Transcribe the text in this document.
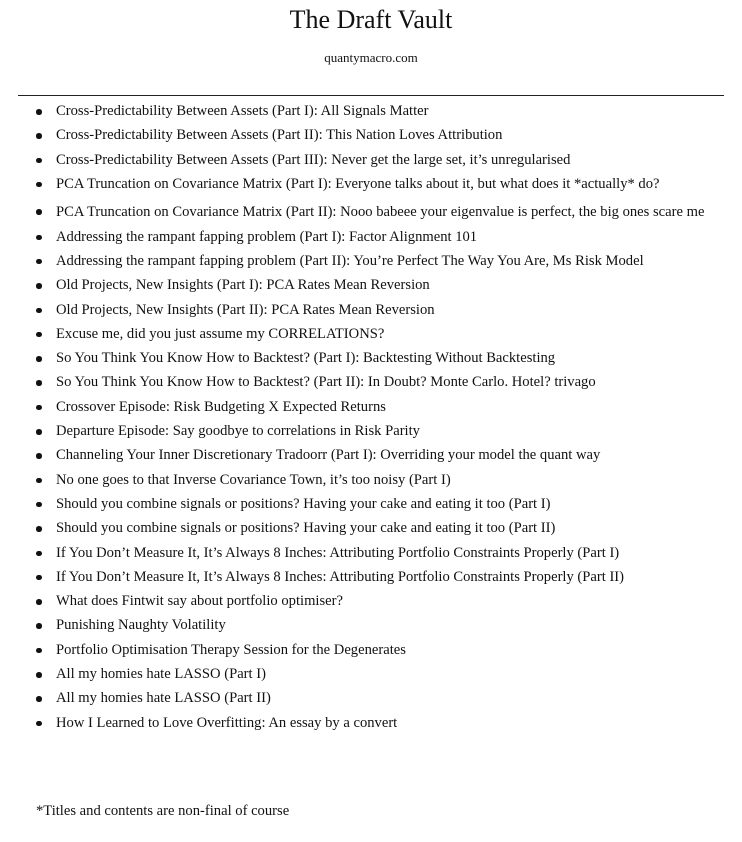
The Draft Vault
quantymacro.com
Cross-Predictability Between Assets (Part I): All Signals Matter
Cross-Predictability Between Assets (Part II): This Nation Loves Attribution
Cross-Predictability Between Assets (Part III): Never get the large set, it’s unregularised
PCA Truncation on Covariance Matrix (Part I): Everyone talks about it, but what does it *actually* do?
PCA Truncation on Covariance Matrix (Part II): Nooo babeee your eigenvalue is perfect, the big ones scare me
Addressing the rampant fapping problem (Part I): Factor Alignment 101
Addressing the rampant fapping problem (Part II): You’re Perfect The Way You Are, Ms Risk Model
Old Projects, New Insights (Part I): PCA Rates Mean Reversion
Old Projects, New Insights (Part II): PCA Rates Mean Reversion
Excuse me, did you just assume my CORRELATIONS?
So You Think You Know How to Backtest? (Part I): Backtesting Without Backtesting
So You Think You Know How to Backtest? (Part II): In Doubt? Monte Carlo. Hotel? trivago
Crossover Episode: Risk Budgeting X Expected Returns
Departure Episode: Say goodbye to correlations in Risk Parity
Channeling Your Inner Discretionary Tradoorr (Part I): Overriding your model the quant way
No one goes to that Inverse Covariance Town, it’s too noisy (Part I)
Should you combine signals or positions? Having your cake and eating it too (Part I)
Should you combine signals or positions? Having your cake and eating it too (Part II)
If You Don’t Measure It, It’s Always 8 Inches: Attributing Portfolio Constraints Properly (Part I)
If You Don’t Measure It, It’s Always 8 Inches: Attributing Portfolio Constraints Properly (Part II)
What does Fintwit say about portfolio optimiser?
Punishing Naughty Volatility
Portfolio Optimisation Therapy Session for the Degenerates
All my homies hate LASSO (Part I)
All my homies hate LASSO (Part II)
How I Learned to Love Overfitting: An essay by a convert
*Titles and contents are non-final of course
